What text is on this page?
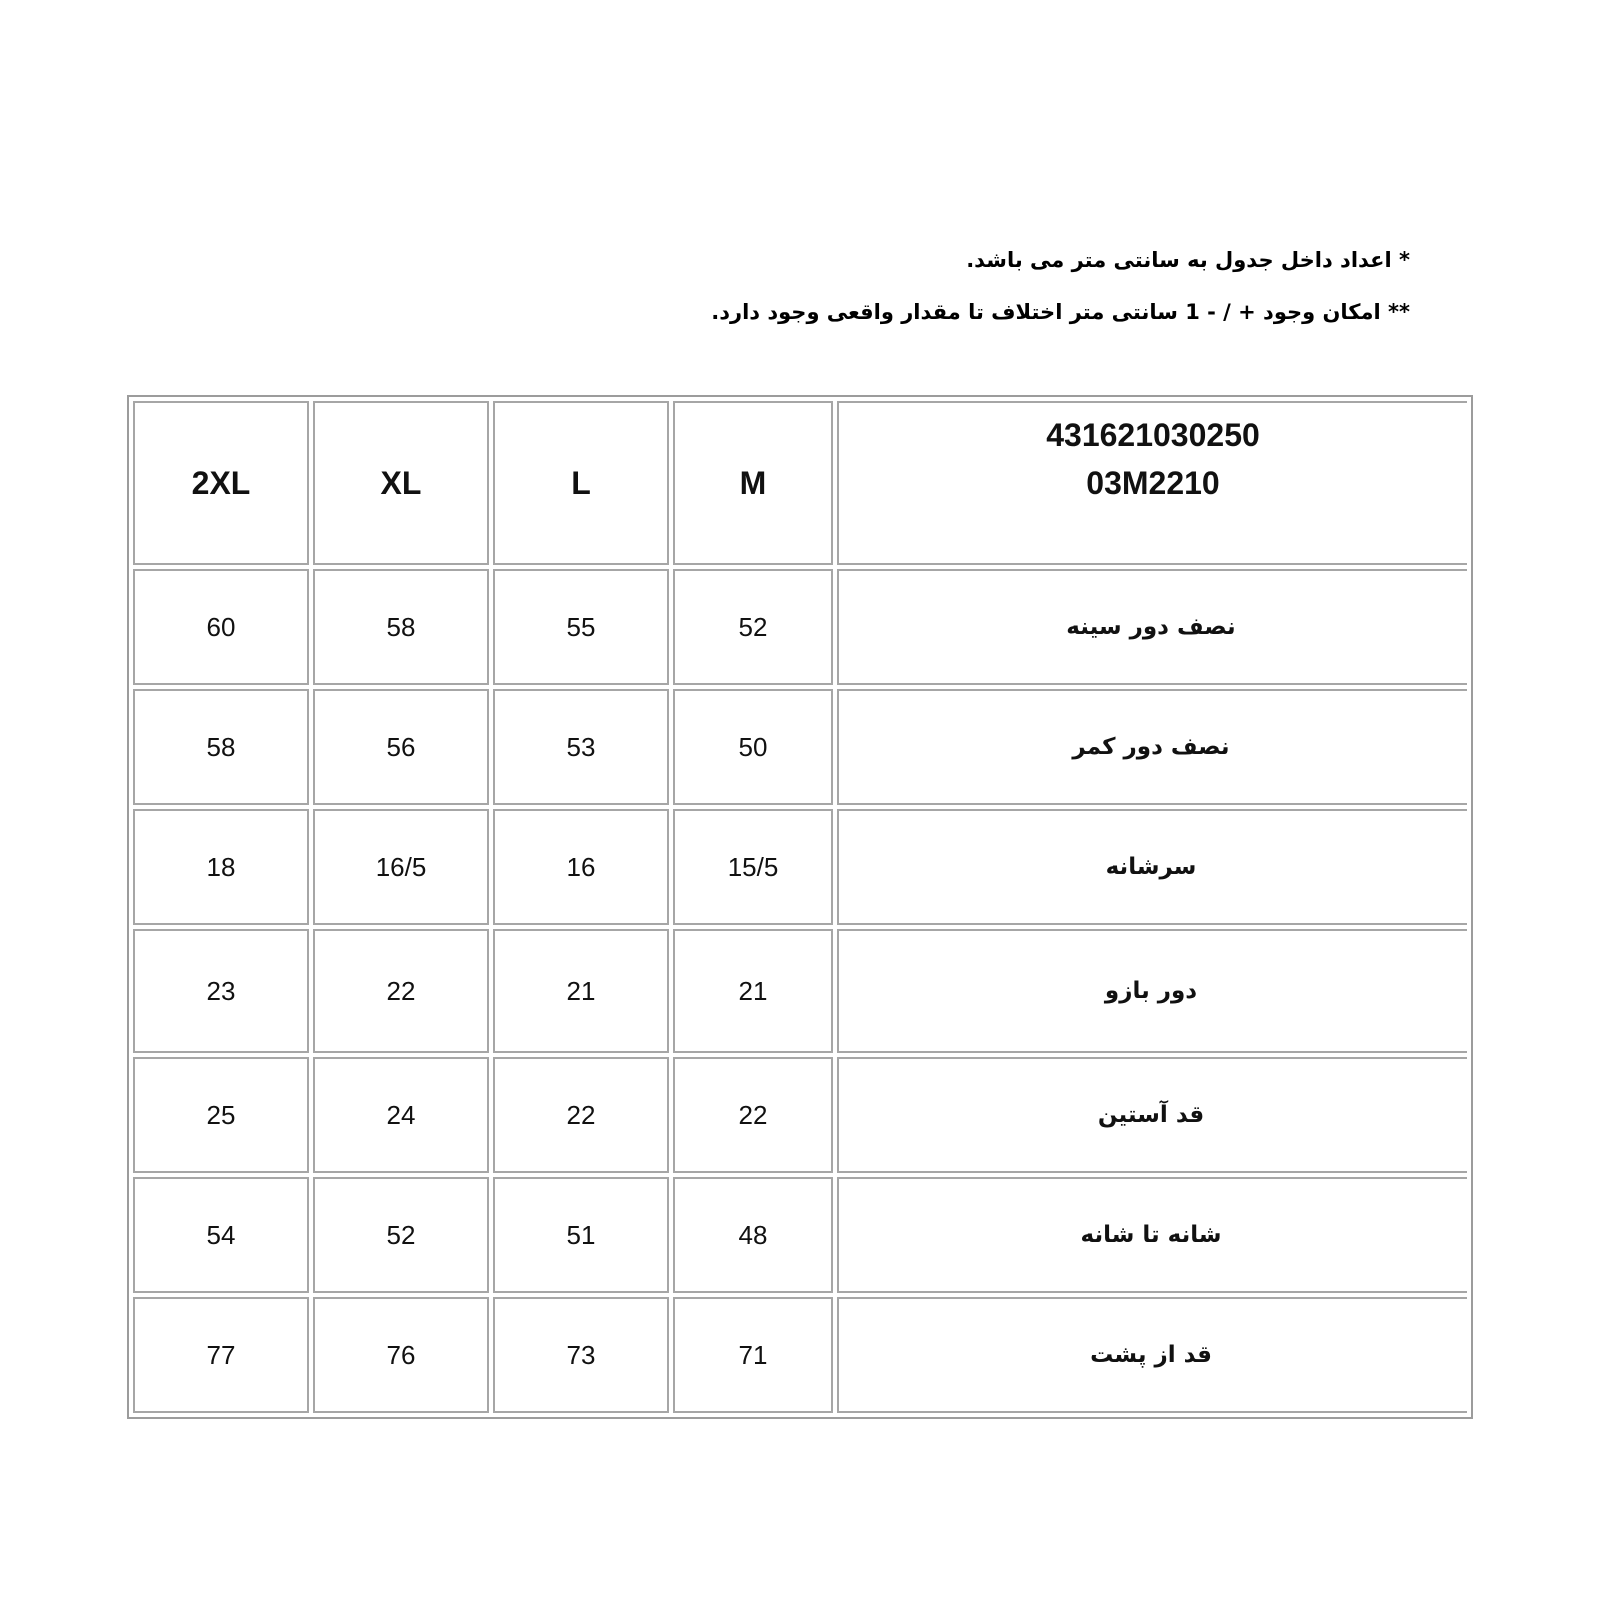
* اعداد داخل جدول به سانتی متر می باشد.
** امکان وجود + / - 1 سانتی متر اختلاف تا مقدار واقعی وجود دارد.
2XL	XL	L	M	431621030250
03M2210

60	58	55	52	نصف دور سینه
58	56	53	50	نصف دور کمر
18	16/5	16	15/5	سرشانه
23	22	21	21	دور بازو
25	24	22	22	قد آستین
54	52	51	48	شانه تا شانه
77	76	73	71	قد از پشت
